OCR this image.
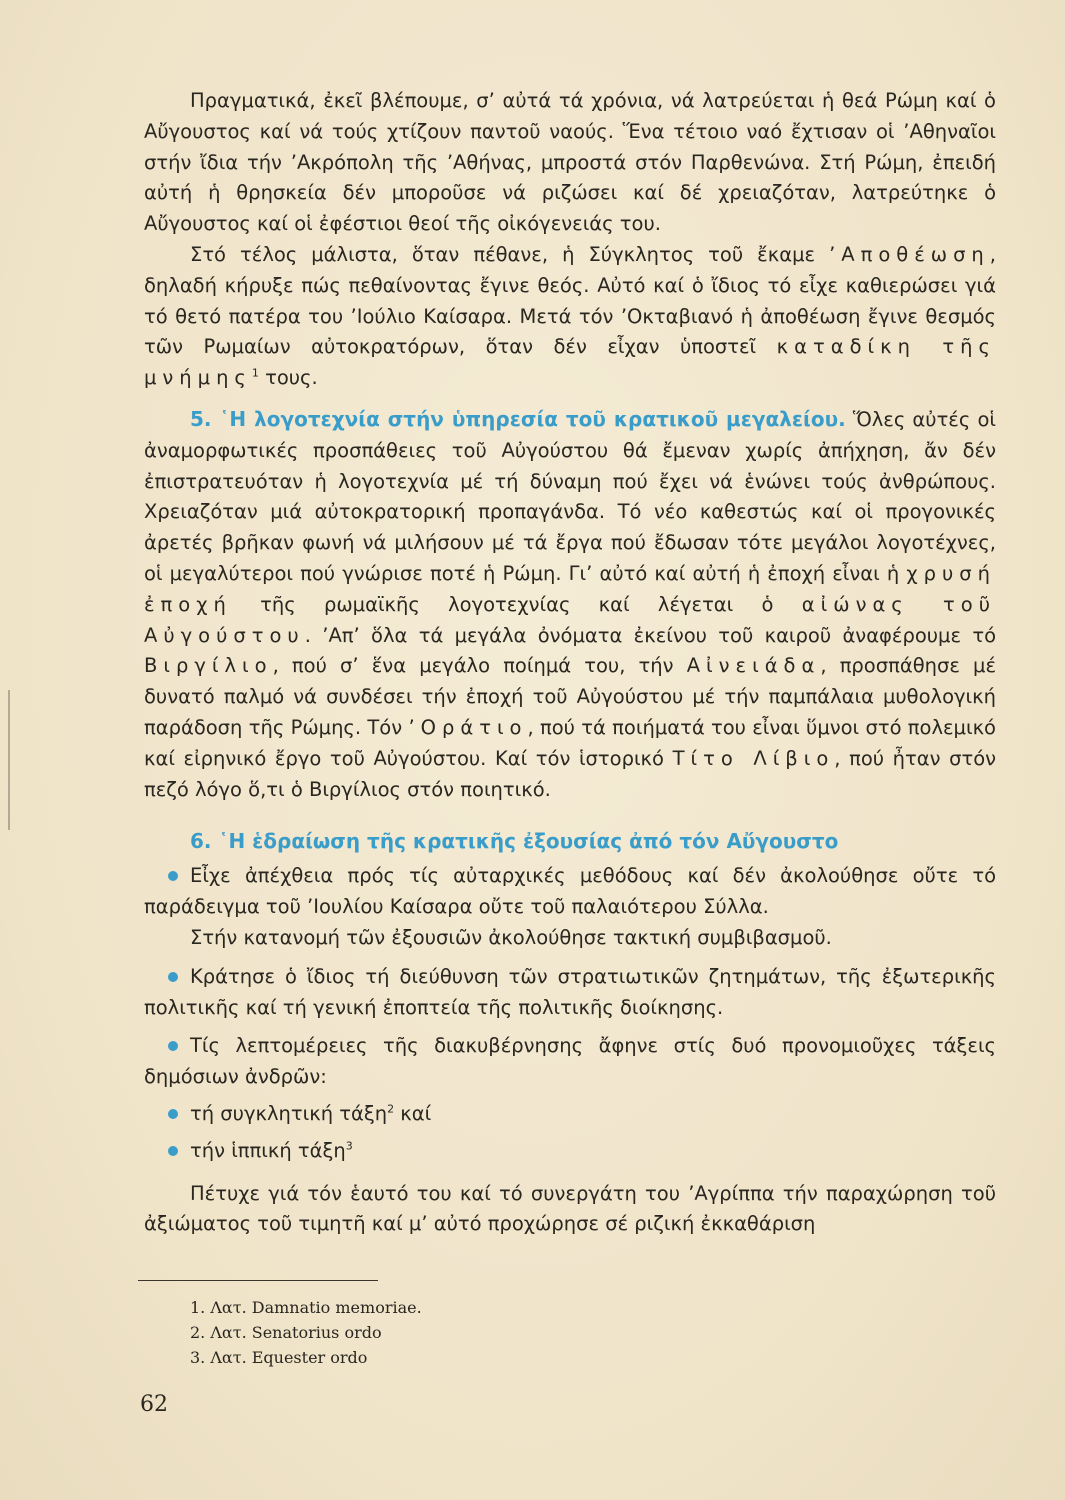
Πραγματικά, ἐκεῖ βλέπουμε, σ’ αὐτά τά χρόνια, νά λατρεύεται ἡ θεά Ρώμη καί ὁ Αὔγουστος καί νά τούς χτίζουν παντοῦ ναούς. Ἕνα τέτοιο ναό ἔχτισαν οἱ ’Αθηναῖοι στήν ἴδια τήν ’Ακρόπολη τῆς ’Αθήνας, μπροστά στόν Παρθενώνα. Στή Ρώμη, ἐπειδή αὐτή ἡ θρησκεία δέν μποροῦσε νά ριζώσει καί δέ χρειαζόταν, λατρεύτηκε ὁ Αὔγουστος καί οἱ ἐφέστιοι θεοί τῆς οἰκόγενειάς του.

Στό τέλος μάλιστα, ὅταν πέθανε, ἡ Σύγκλητος τοῦ ἔκαμε ’Αποθέωση, δηλαδή κήρυξε πώς πεθαίνοντας ἔγινε θεός. Αὐτό καί ὁ ἴδιος τό εἶχε καθιερώσει γιά τό θετό πατέρα του ’Ιούλιο Καίσαρα. Μετά τόν ’Οκταβιανό ἡ ἀποθέωση ἔγινε θεσμός τῶν Ρωμαίων αὐτοκρατόρων, ὅταν δέν εἶχαν ὑποστεῖ καταδίκη τῆς μνήμης$^1$ τους.

5. ῾Η λογοτεχνία στήν ὑπηρεσία τοῦ κρατικοῦ μεγαλείου. Ὅλες αὐτές οἱ ἀναμορφωτικές προσπάθειες τοῦ Αὐγούστου θά ἔμεναν χωρίς ἀπήχηση, ἄν δέν ἐπιστρατευόταν ἡ λογοτεχνία μέ τή δύναμη πού ἔχει νά ἑνώνει τούς ἀνθρώπους. Χρειαζόταν μιά αὐτοκρατορική προπαγάνδα. Τό νέο καθεστώς καί οἱ προγονικές ἀρετές βρῆκαν φωνή νά μιλήσουν μέ τά ἔργα πού ἔδωσαν τότε μεγάλοι λογοτέχνες, οἱ μεγαλύτεροι πού γνώρισε ποτέ ἡ Ρώμη. Γι’ αὐτό καί αὐτή ἡ ἐποχή εἶναι ἡ χρυσή ἐποχή τῆς ρωμαϊκῆς λογοτεχνίας καί λέγεται ὁ αἰώνας τοῦ Αὐγούστου. ’Απ’ ὅλα τά μεγάλα ὀνόματα ἐκείνου τοῦ καιροῦ ἀναφέρουμε τό Βιργίλιο, πού σ’ ἕνα μεγάλο ποίημά του, τήν Αἰνειάδα, προσπάθησε μέ δυνατό παλμό νά συνδέσει τήν ἐποχή τοῦ Αὐγούστου μέ τήν παμπάλαια μυθολογική παράδοση τῆς Ρώμης. Τόν ’Οράτιο, πού τά ποιήματά του εἶναι ὕμνοι στό πολεμικό καί εἰρηνικό ἔργο τοῦ Αὐγούστου. Καί τόν ἱστορικό Τίτο Λίβιο, πού ἦταν στόν πεζό λόγο ὅ,τι ὁ Βιργίλιος στόν ποιητικό.

6. ῾Η ἑδραίωση τῆς κρατικῆς ἐξουσίας ἀπό τόν Αὔγουστο

Εἶχε ἀπέχθεια πρός τίς αὐταρχικές μεθόδους καί δέν ἀκολούθησε οὔτε τό παράδειγμα τοῦ ’Ιουλίου Καίσαρα οὔτε τοῦ παλαιότερου Σύλλα.

Στήν κατανομή τῶν ἐξουσιῶν ἀκολούθησε τακτική συμβιβασμοῦ.

Κράτησε ὁ ἴδιος τή διεύθυνση τῶν στρατιωτικῶν ζητημάτων, τῆς ἐξωτερικῆς πολιτικῆς καί τή γενική ἐποπτεία τῆς πολιτικῆς διοίκησης.

Τίς λεπτομέρειες τῆς διακυβέρνησης ἄφηνε στίς δυό προνομιοῦχες τάξεις δημόσιων ἀνδρῶν:

τή συγκλητική τάξη$^2$ καί

τήν ἱππική τάξη$^3$

Πέτυχε γιά τόν ἑαυτό του καί τό συνεργάτη του ’Αγρίππα τήν παραχώρηση τοῦ ἀξιώματος τοῦ τιμητῆ καί μ’ αὐτό προχώρησε σέ ριζική ἐκκαθάριση

1. Λατ. Damnatio memoriae.
2. Λατ. Senatorius ordo
3. Λατ. Equester ordo
62
